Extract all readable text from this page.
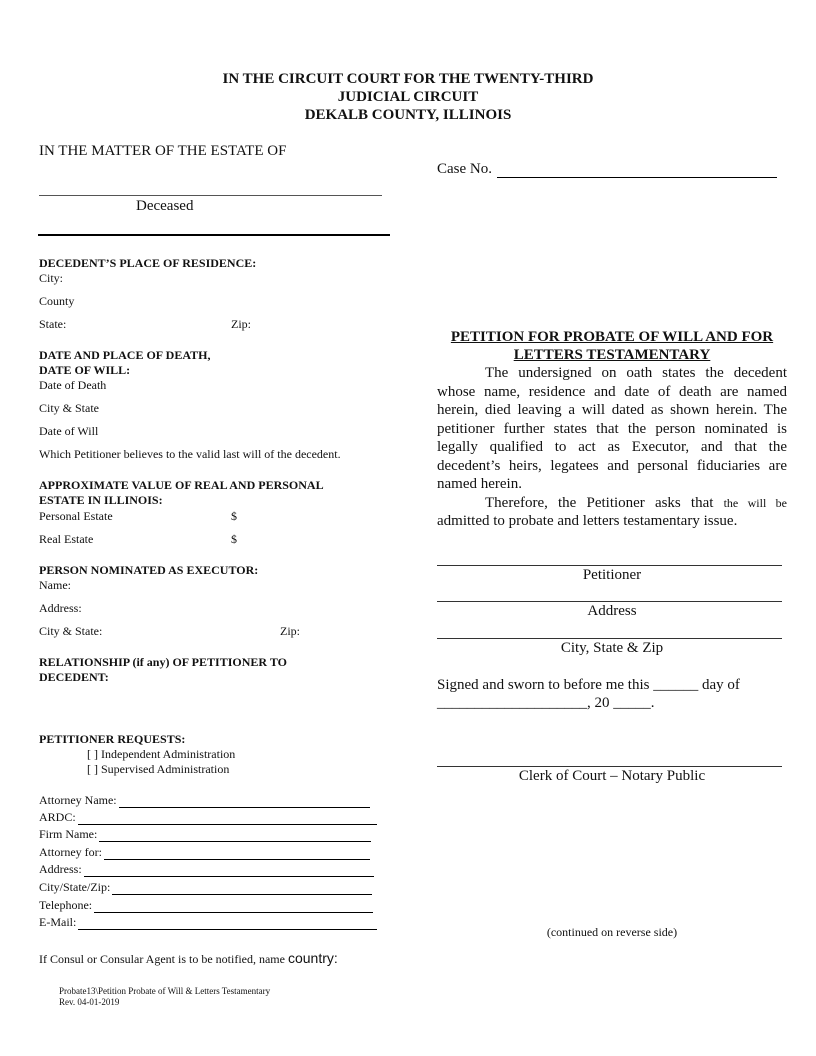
IN THE CIRCUIT COURT FOR THE TWENTY-THIRD
JUDICIAL CIRCUIT
DEKALB COUNTY, ILLINOIS
IN THE MATTER OF THE ESTATE OF
Case No.
Deceased
DECEDENT’S PLACE OF RESIDENCE:
City:
County
State:	Zip:
DATE AND PLACE OF DEATH,
DATE OF WILL:
Date of Death
City & State
Date of Will
Which Petitioner believes to the valid last will of the decedent.
APPROXIMATE VALUE OF REAL AND PERSONAL
ESTATE IN ILLINOIS:
Personal Estate	$
Real Estate	$
PERSON NOMINATED AS EXECUTOR:
Name:
Address:
City & State:	Zip:
RELATIONSHIP (if any) OF PETITIONER TO
DECEDENT:
PETITIONER REQUESTS:
[ ] Independent Administration
[ ] Supervised Administration
Attorney Name:
ARDC:
Firm Name:
Attorney for:
Address:
City/State/Zip:
Telephone:
E-Mail:
If Consul or Consular Agent is to be notified, name country:
Probate13\Petition Probate of Will & Letters Testamentary
Rev. 04-01-2019
PETITION FOR PROBATE OF WILL AND FOR
LETTERS TESTAMENTARY

The undersigned on oath states the decedent whose name, residence and date of death are named herein, died leaving a will dated as shown herein. The petitioner further states that the person nominated is legally qualified to act as Executor, and that the decedent’s heirs, legatees and personal fiduciaries are named herein.

Therefore, the Petitioner asks that the will be admitted to probate and letters testamentary issue.

Petitioner
Address
City, State & Zip
Signed and sworn to before me this ______ day of
____________________, 20 _____.
Clerk of Court – Notary Public
(continued on reverse side)
